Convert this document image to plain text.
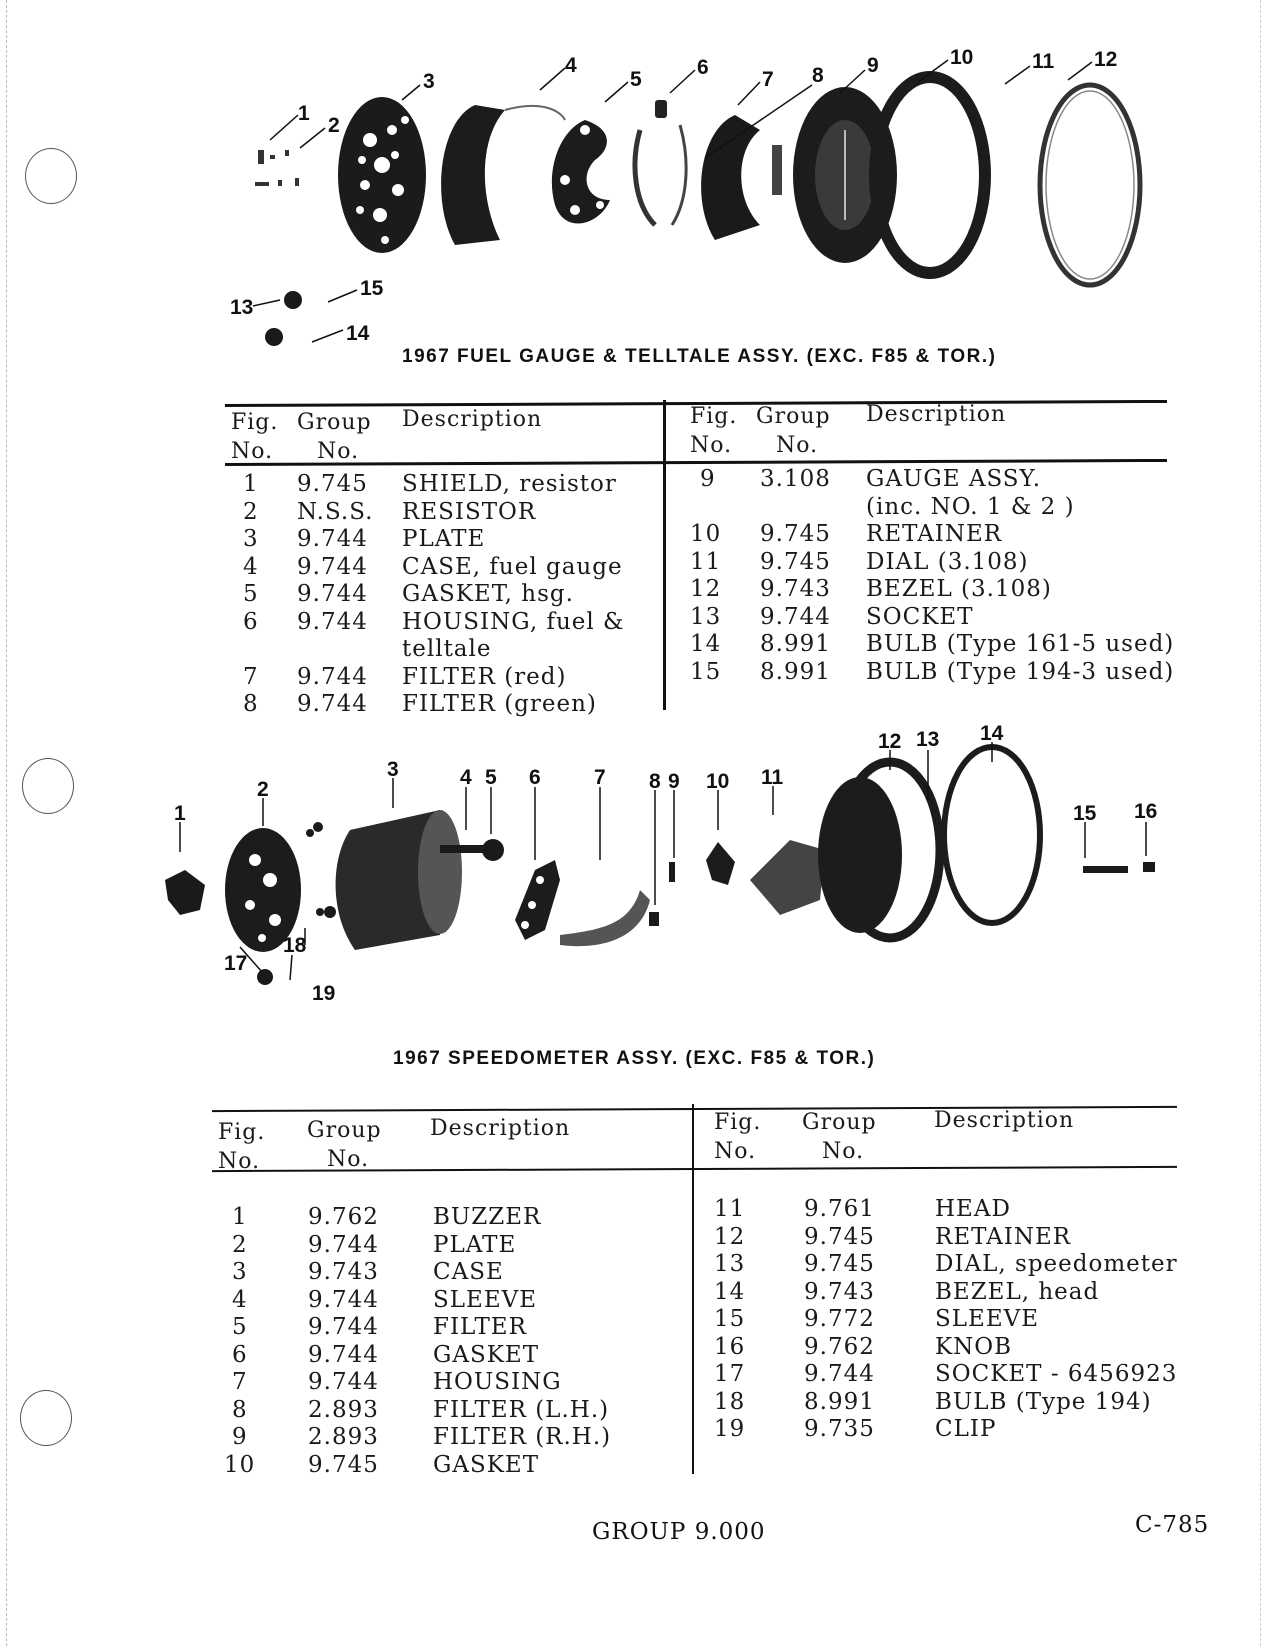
1
2
3
4
5
6
7 8 9	10	11 12
13
14
15
1967 FUEL GAUGE & TELLTALE ASSY. (EXC. F85 & TOR.)
Fig.
No.
Group
No.
Description	Fig.
No.
Group
No.
Description
1 9.745 SHIELD, resistor
2 N.S.S. RESISTOR
3 9.744 PLATE
4 9.744 CASE, fuel gauge
5 9.744 GASKET, hsg.
6 9.744 HOUSING, fuel &
telltale
7 9.744 FILTER (red)
8 9.744 FILTER (green)
9 3.108 GAUGE ASSY.
(inc. NO. 1 & 2 )
10 9.745 RETAINER
11 9.745 DIAL (3.108)
12 9.743 BEZEL (3.108)
13 9.744 SOCKET
14 8.991 BULB (Type 161-5 used)
15 8.991 BULB (Type 194-3 used)
1
2
3	4 5 6	7 8 9 10 11
12 13 14
15 16
17
18
19
1967 SPEEDOMETER ASSY. (EXC. F85 & TOR.)
Fig.
No.
Group
No.
Description	Fig.
No.
Group
No.
Description
1	9.762 BUZZER
2	9.744 PLATE
3	9.743 CASE
4	9.744 SLEEVE
5	9.744 FILTER
6	9.744 GASKET
7	9.744 HOUSING
8	2.893 FILTER (L.H.)
9	2.893 FILTER (R.H.)
10 9.745 GASKET
11	9.761	HEAD
12	9.745	RETAINER
13	9.745	DIAL, speedometer
14	9.743	BEZEL, head
15	9.772	SLEEVE
16	9.762	KNOB
17	9.744	SOCKET - 6456923
18	8.991	BULB (Type 194)
19	9.735	CLIP
GROUP 9.000	C-785
